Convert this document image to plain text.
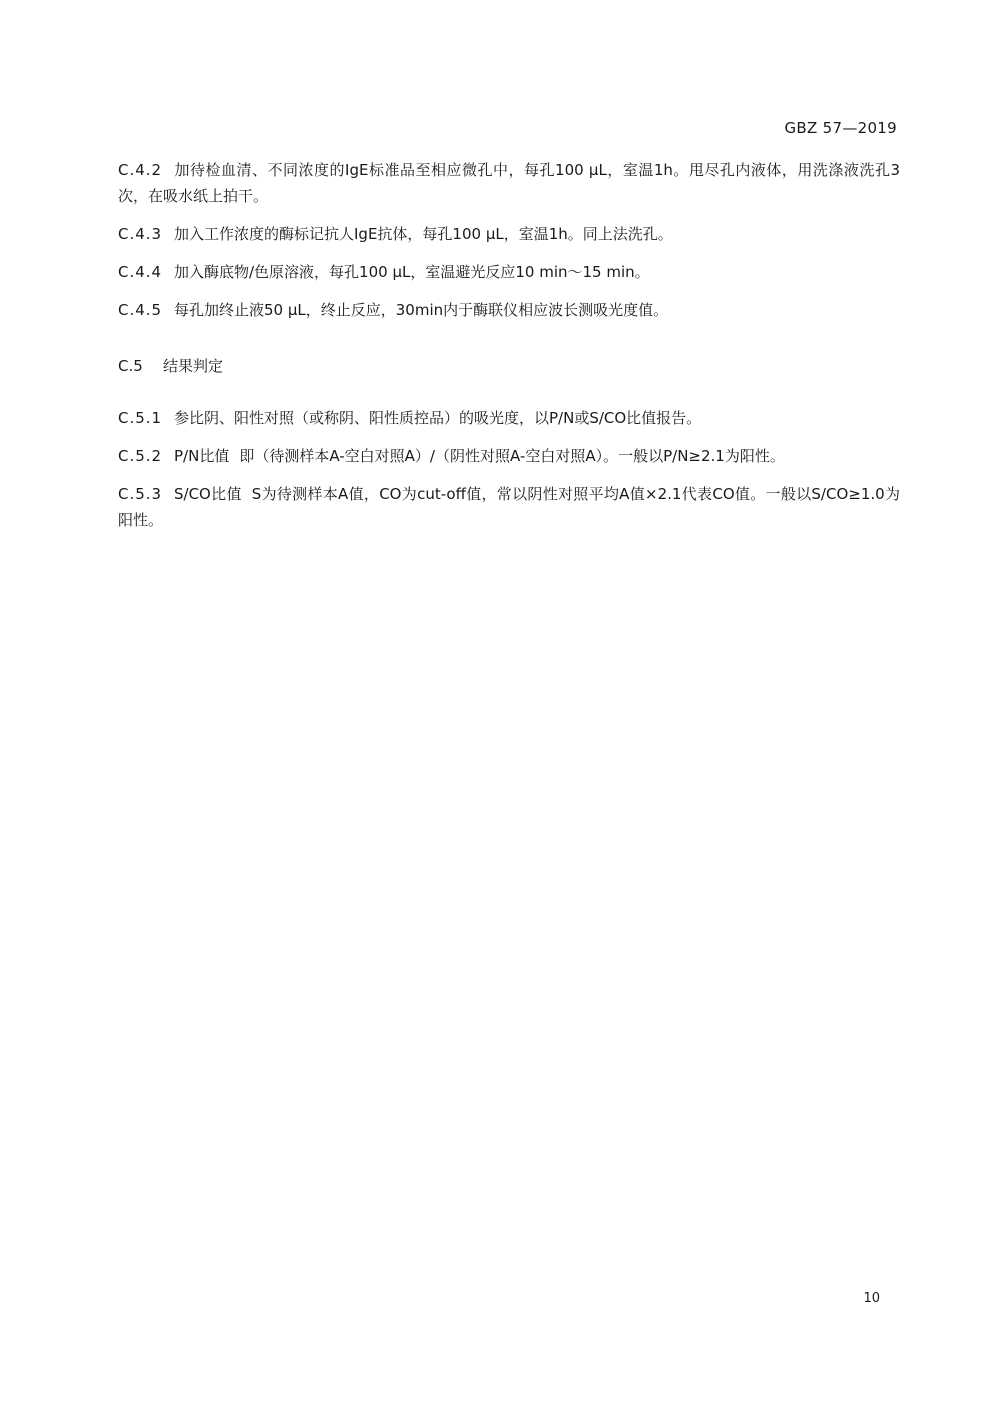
GBZ 57—2019

C.4.2 加待检血清、不同浓度的IgE标准品至相应微孔中，每孔100 μL，室温1h。甩尽孔内液体，用洗涤液洗孔3次，在吸水纸上拍干。

C.4.3 加入工作浓度的酶标记抗人IgE抗体，每孔100 μL，室温1h。同上法洗孔。

C.4.4 加入酶底物/色原溶液，每孔100 μL，室温避光反应10 min～15 min。

C.4.5 每孔加终止液50 μL，终止反应，30min内于酶联仪相应波长测吸光度值。

C.5 结果判定

C.5.1 参比阴、阳性对照（或称阴、阳性质控品）的吸光度，以P/N或S/CO比值报告。

C.5.2 P/N比值 即（待测样本A-空白对照A）/（阴性对照A-空白对照A）。一般以P/N≥2.1为阳性。

C.5.3 S/CO比值 S为待测样本A值，CO为cut-off值，常以阴性对照平均A值×2.1代表CO值。一般以S/CO≥1.0为阳性。

10
